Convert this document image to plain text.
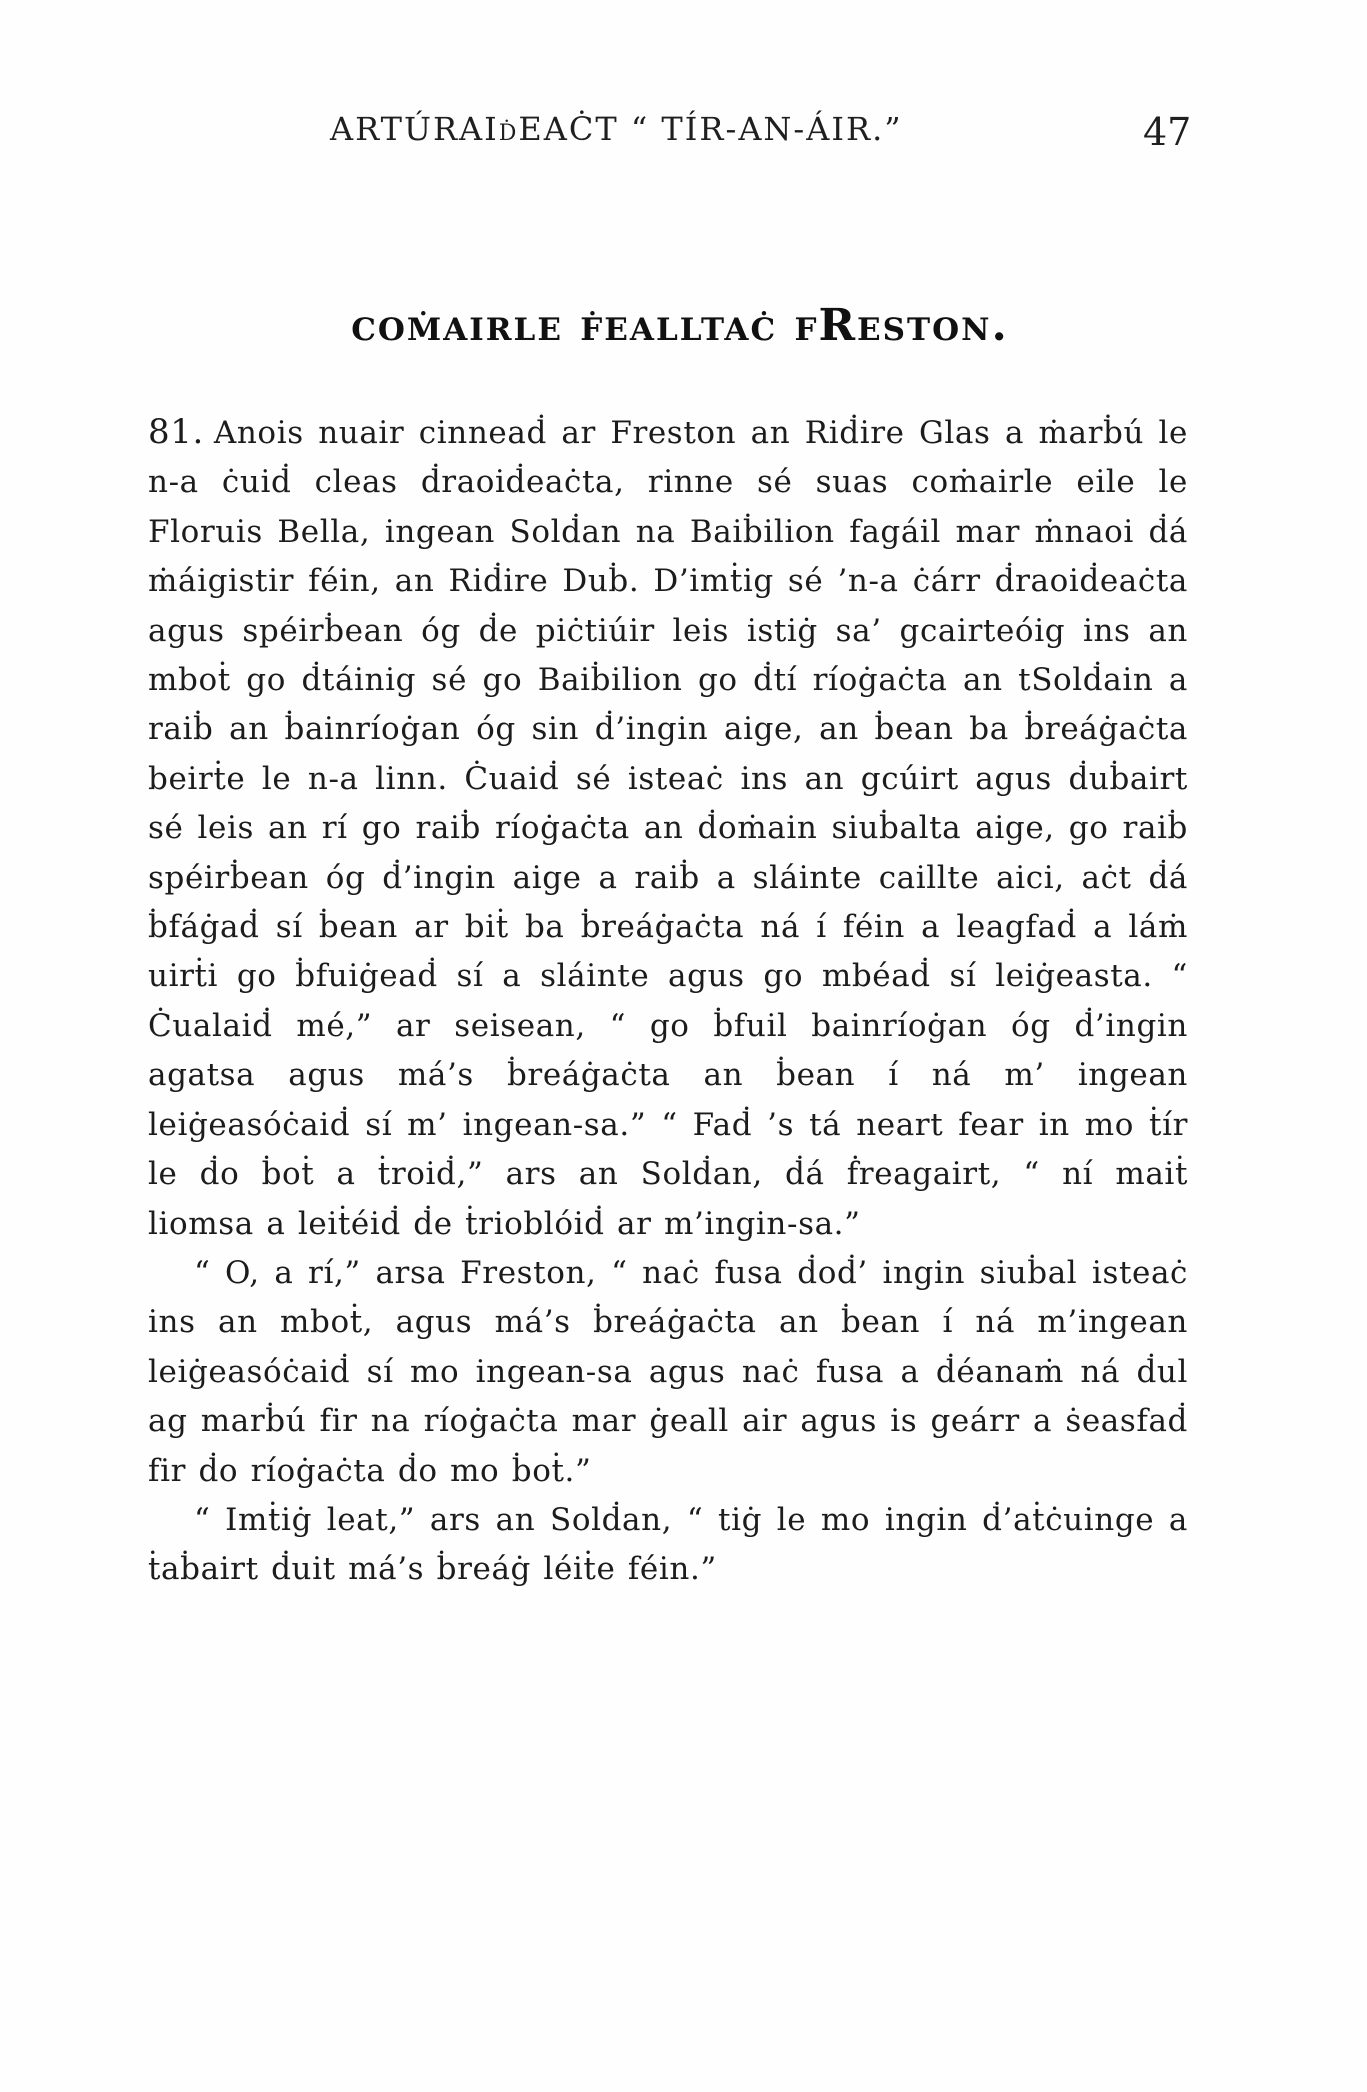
ARTÚRAIḋEAĊT “ TÍR-AN-ÁIR.”	47
coṁairle ḟealltaċ fReston.

81. Anois nuair cinneaḋ ar Freston an Riḋire Glas a ṁarḃú le n-a ċuiḋ cleas ḋraoiḋeaċta, rinne sé suas coṁairle eile le Floruis Bella, ingean Solḋan na Baiḃilion fagáil mar ṁnaoi ḋá ṁáigistir féin, an Riḋire Duḃ. D’imṫig sé ’n-a ċárr ḋraoiḋeaċta agus spéirḃean óg ḋe piċtiúir leis istiġ sa’ gcairteóig ins an mboṫ go ḋtáinig sé go Baiḃilion go ḋtí ríoġaċta an tSolḋain a raiḃ an ḃainríoġan óg sin ḋ’ingin aige, an ḃean ba ḃreáġaċta beirṫe le n-a linn. Ċuaiḋ sé isteaċ ins an gcúirt agus ḋuḃairt sé leis an rí go raiḃ ríoġaċta an ḋoṁain siuḃalta aige, go raiḃ spéirḃean óg ḋ’ingin aige a raiḃ a sláinte caillte aici, aċt ḋá ḃfáġaḋ sí ḃean ar biṫ ba ḃreáġaċta ná í féin a leagfaḋ a láṁ uirṫi go ḃfuiġeaḋ sí a sláinte agus go mbéaḋ sí leiġeasta. “ Ċualaiḋ mé,” ar seisean, “ go ḃfuil bainríoġan óg ḋ’ingin agatsa agus má’s ḃreáġaċta an ḃean í ná m’ ingean leiġeasóċaiḋ sí m’ ingean-sa.” “ Faḋ ’s tá neart fear in mo ṫír le ḋo ḃoṫ a ṫroiḋ,” ars an Solḋan, ḋá ḟreagairt, “ ní maiṫ liomsa a leiṫéiḋ ḋe ṫrioblóiḋ ar m’ingin-sa.”

“ O, a rí,” arsa Freston, “ naċ fusa ḋoḋ’ ingin siuḃal isteaċ ins an mboṫ, agus má’s ḃreáġaċta an ḃean í ná m’ingean leiġeasóċaiḋ sí mo ingean-sa agus naċ fusa a ḋéanaṁ ná ḋul ag marḃú fir na ríoġaċta mar ġeall air agus is geárr a ṡeasfaḋ fir ḋo ríoġaċta ḋo mo ḃoṫ.”

“ Imṫiġ leat,” ars an Solḋan, “ tiġ le mo ingin ḋ’aṫċuinge a ṫaḃairt ḋuit má’s ḃreáġ léiṫe féin.”
